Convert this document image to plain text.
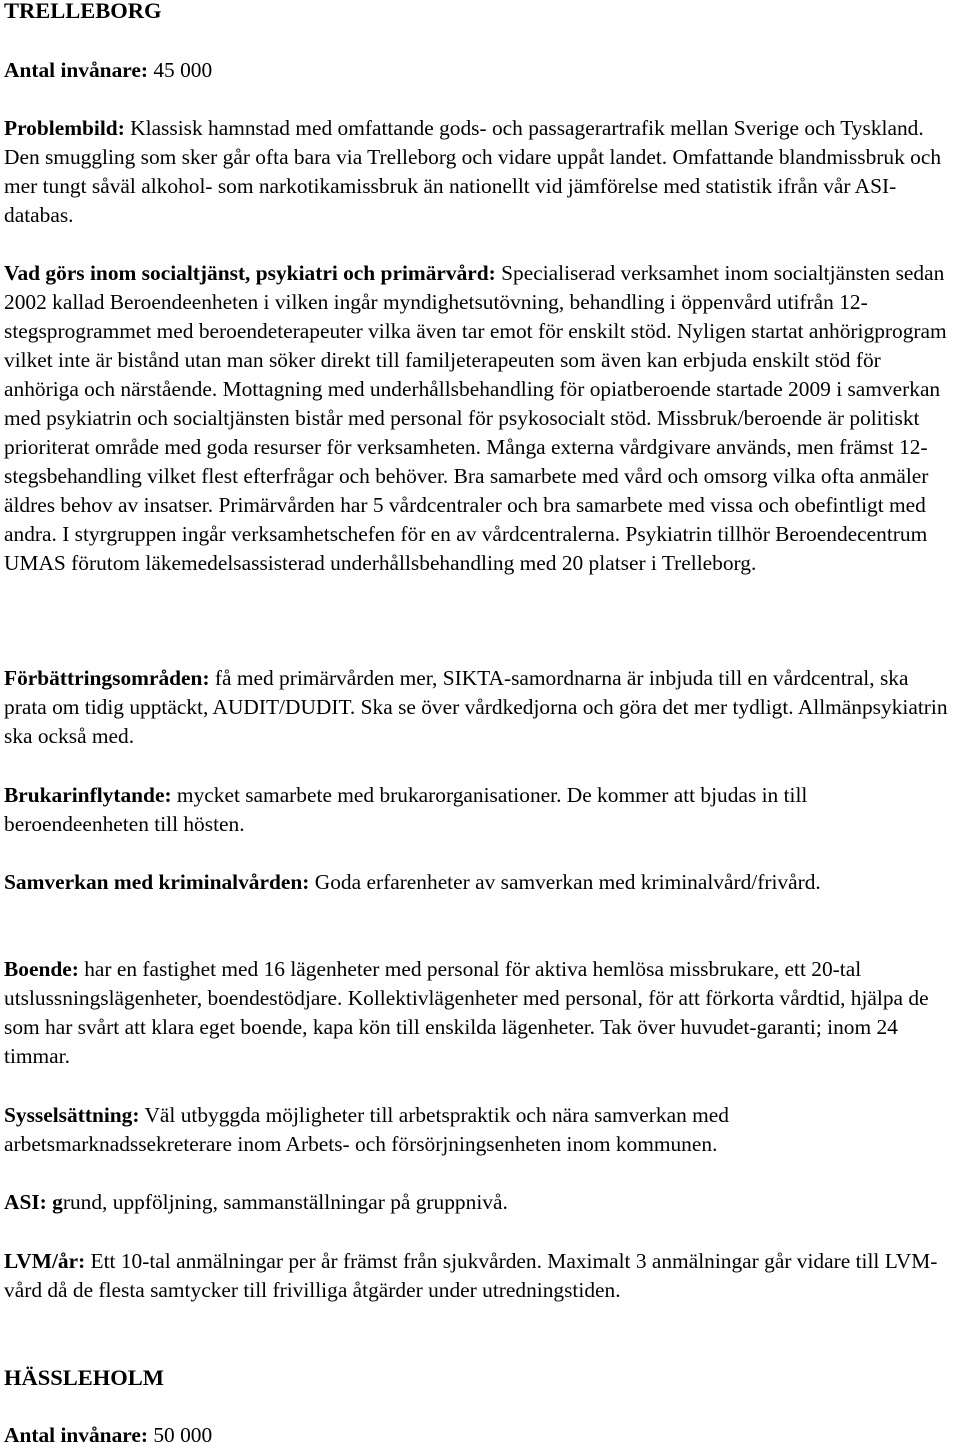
TRELLEBORG

Antal invånare: 45 000

Problembild: Klassisk hamnstad med omfattande gods- och passagerartrafik mellan Sverige och Tyskland. Den smuggling som sker går ofta bara via Trelleborg och vidare uppåt landet. Omfattande blandmissbruk och mer tungt såväl alkohol- som narkotikamissbruk än nationellt vid jämförelse med statistik ifrån vår ASI-databas.

Vad görs inom socialtjänst, psykiatri och primärvård: Specialiserad verksamhet inom socialtjänsten sedan 2002 kallad Beroendeenheten i vilken ingår myndighetsutövning, behandling i öppenvård utifrån 12-stegsprogrammet med beroendeterapeuter vilka även tar emot för enskilt stöd. Nyligen startat anhörigprogram vilket inte är bistånd utan man söker direkt till familjeterapeuten som även kan erbjuda enskilt stöd för anhöriga och närstående. Mottagning med underhållsbehandling för opiatberoende startade 2009 i samverkan med psykiatrin och socialtjänsten bistår med personal för psykosocialt stöd. Missbruk/beroende är politiskt prioriterat område med goda resurser för verksamheten. Många externa vårdgivare används, men främst 12-stegsbehandling vilket flest efterfrågar och behöver. Bra samarbete med vård och omsorg vilka ofta anmäler äldres behov av insatser. Primärvården har 5 vårdcentraler och bra samarbete med vissa och obefintligt med andra. I styrgruppen ingår verksamhetschefen för en av vårdcentralerna. Psykiatrin tillhör Beroendecentrum UMAS förutom läkemedelsassisterad underhållsbehandling med 20 platser i Trelleborg.

Förbättringsområden: få med primärvården mer, SIKTA-samordnarna är inbjuda till en vårdcentral, ska prata om tidig upptäckt, AUDIT/DUDIT. Ska se över vårdkedjorna och göra det mer tydligt. Allmänpsykiatrin ska också med.

Brukarinflytande: mycket samarbete med brukarorganisationer. De kommer att bjudas in till beroendeenheten till hösten.

Samverkan med kriminalvården: Goda erfarenheter av samverkan med kriminalvård/frivård.

Boende: har en fastighet med 16 lägenheter med personal för aktiva hemlösa missbrukare, ett 20-tal utslussningslägenheter, boendestödjare. Kollektivlägenheter med personal, för att förkorta vårdtid, hjälpa de som har svårt att klara eget boende, kapa kön till enskilda lägenheter. Tak över huvudet-garanti; inom 24 timmar.

Sysselsättning: Väl utbyggda möjligheter till arbetspraktik och nära samverkan med arbetsmarknadssekreterare inom Arbets- och försörjningsenheten inom kommunen.

ASI: grund, uppföljning, sammanställningar på gruppnivå.

LVM/år: Ett 10-tal anmälningar per år främst från sjukvården. Maximalt 3 anmälningar går vidare till LVM-vård då de flesta samtycker till frivilliga åtgärder under utredningstiden.

HÄSSLEHOLM

Antal invånare: 50 000
